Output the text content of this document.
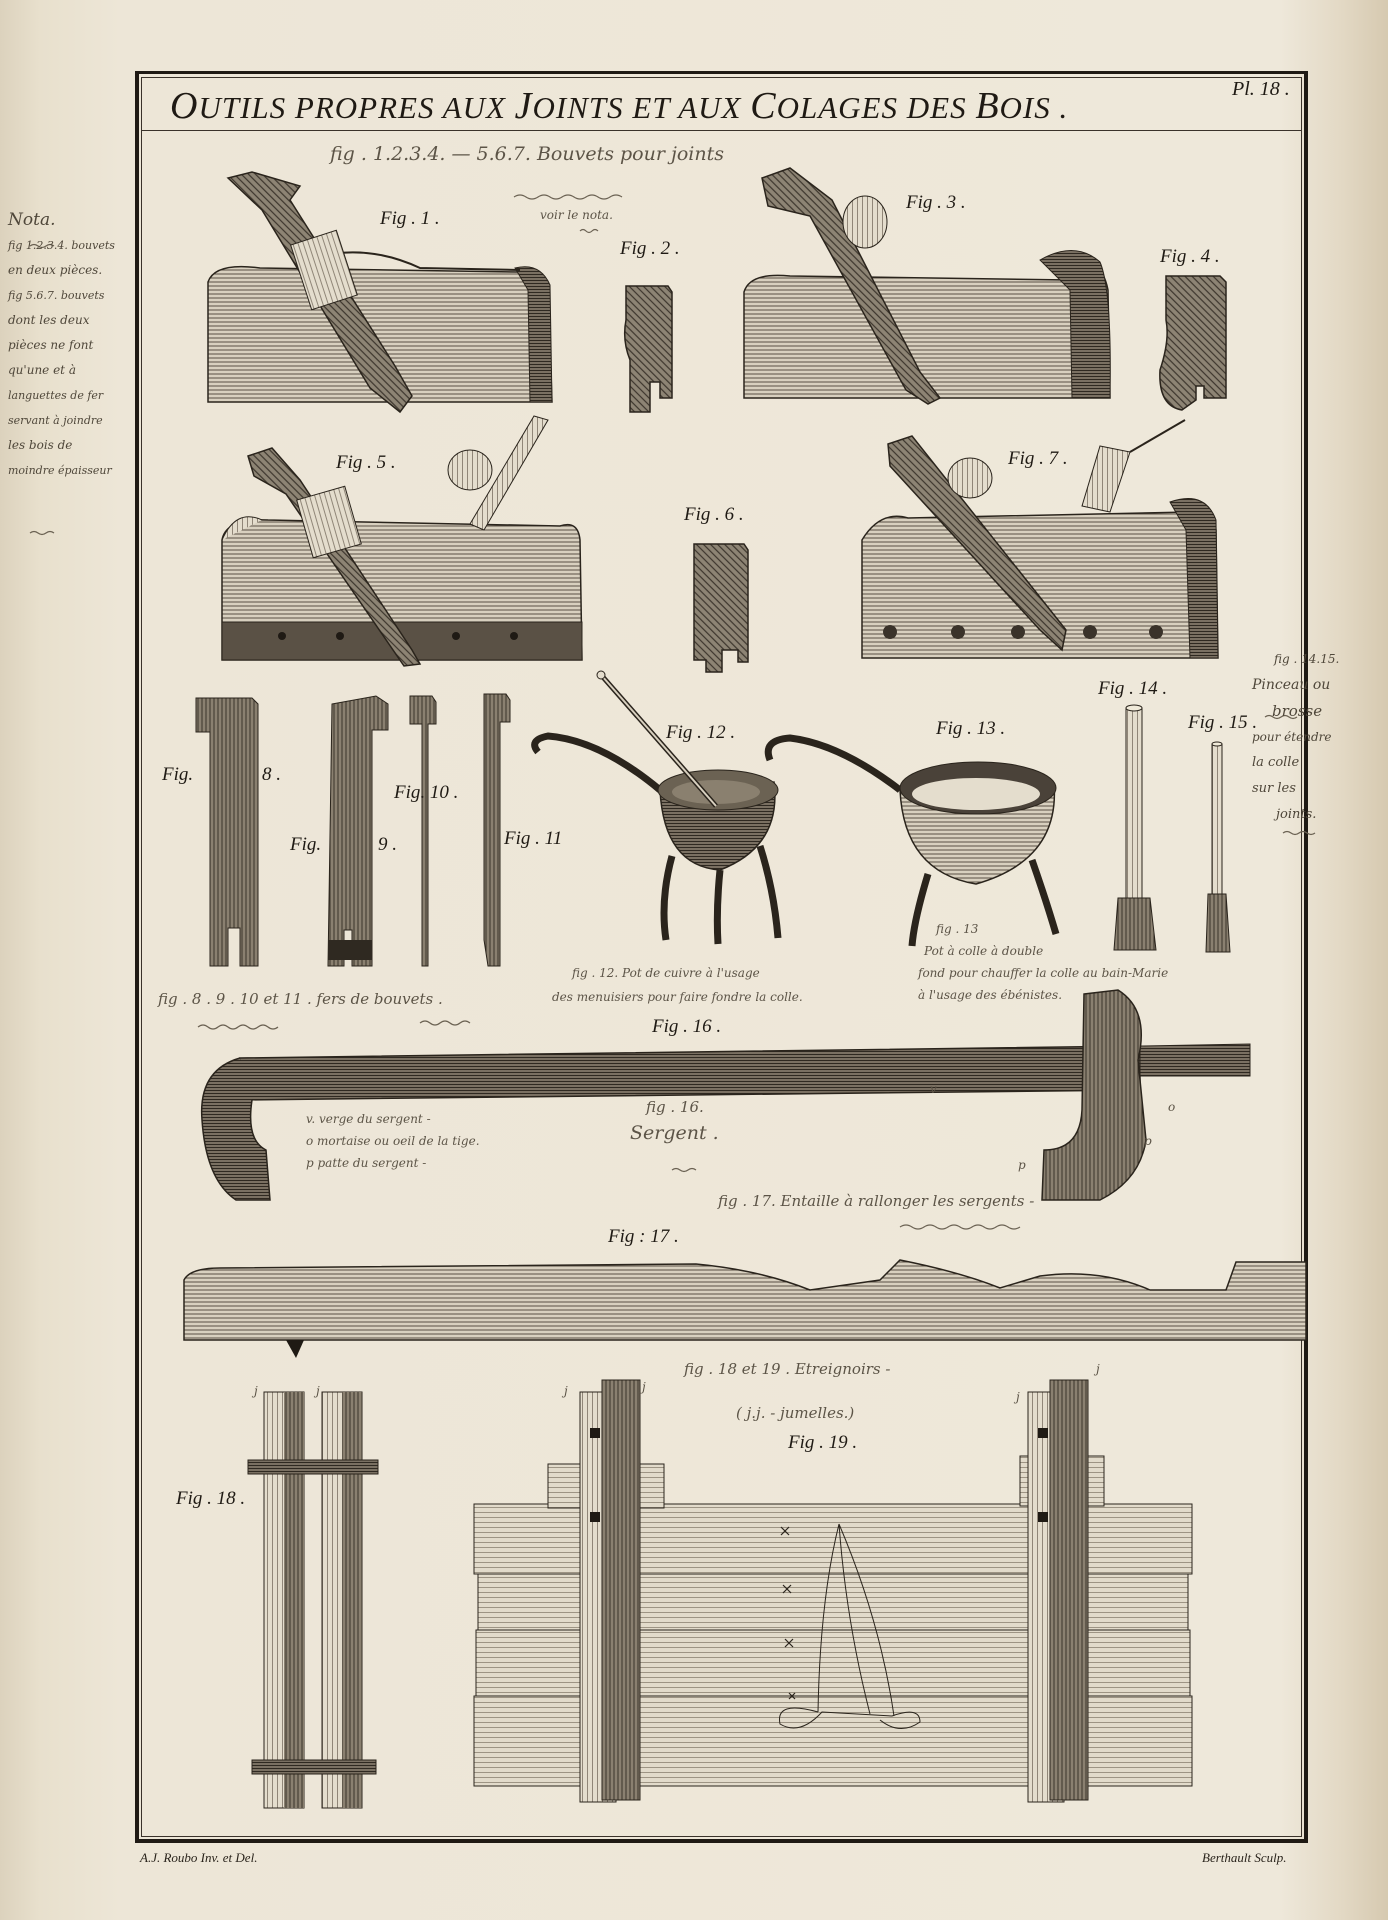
OUTILS PROPRES AUX JOINTS ET AUX COLAGES DES BOIS .
Pl. 18 .
Fig . 1 .
Fig . 2 .
Fig . 3 .
Fig . 4 .
Fig . 5 .
Fig . 6 .
Fig . 7 .
Fig.	8 .
Fig.	9 .
Fig. 10 .
Fig . 11
Fig . 12 .	Fig . 13 .
Fig . 14 .
Fig . 15 .
Fig . 16 .
Fig : 17 .
Fig . 18 .
Fig . 19 .
fig . 1.2.3.4. — 5.6.7. Bouvets pour joints
voir le nota.
fig . 8 . 9 . 10 et 11 . fers de bouvets .
fig . 12. Pot de cuivre à l'usage
des menuisiers pour faire fondre la colle.
fig . 13
Pot à colle à double
fond pour chauffer la colle au bain-Marie
à l'usage des ébénistes.
v. verge du sergent -
o mortaise ou oeil de la tige.
p patte du sergent -
fig . 16.
Sergent .
fig . 17. Entaille à rallonger les sergents -
fig . 18 et 19 . Etreignoirs -
( j.j. - jumelles.)
v
o
p
p
j	j	j	j
j
j
Nota.
fig 1.2.3.4. bouvets
en deux pièces.
fig 5.6.7. bouvets
dont les deux
pièces ne font
qu'une et à
languettes de fer
servant à joindre
les bois de
moindre épaisseur
fig . 14.15.
Pinceau ou
brosse
pour étendre
la colle
sur les
joints.
A.J. Roubo Inv. et Del.	Berthault Sculp.
